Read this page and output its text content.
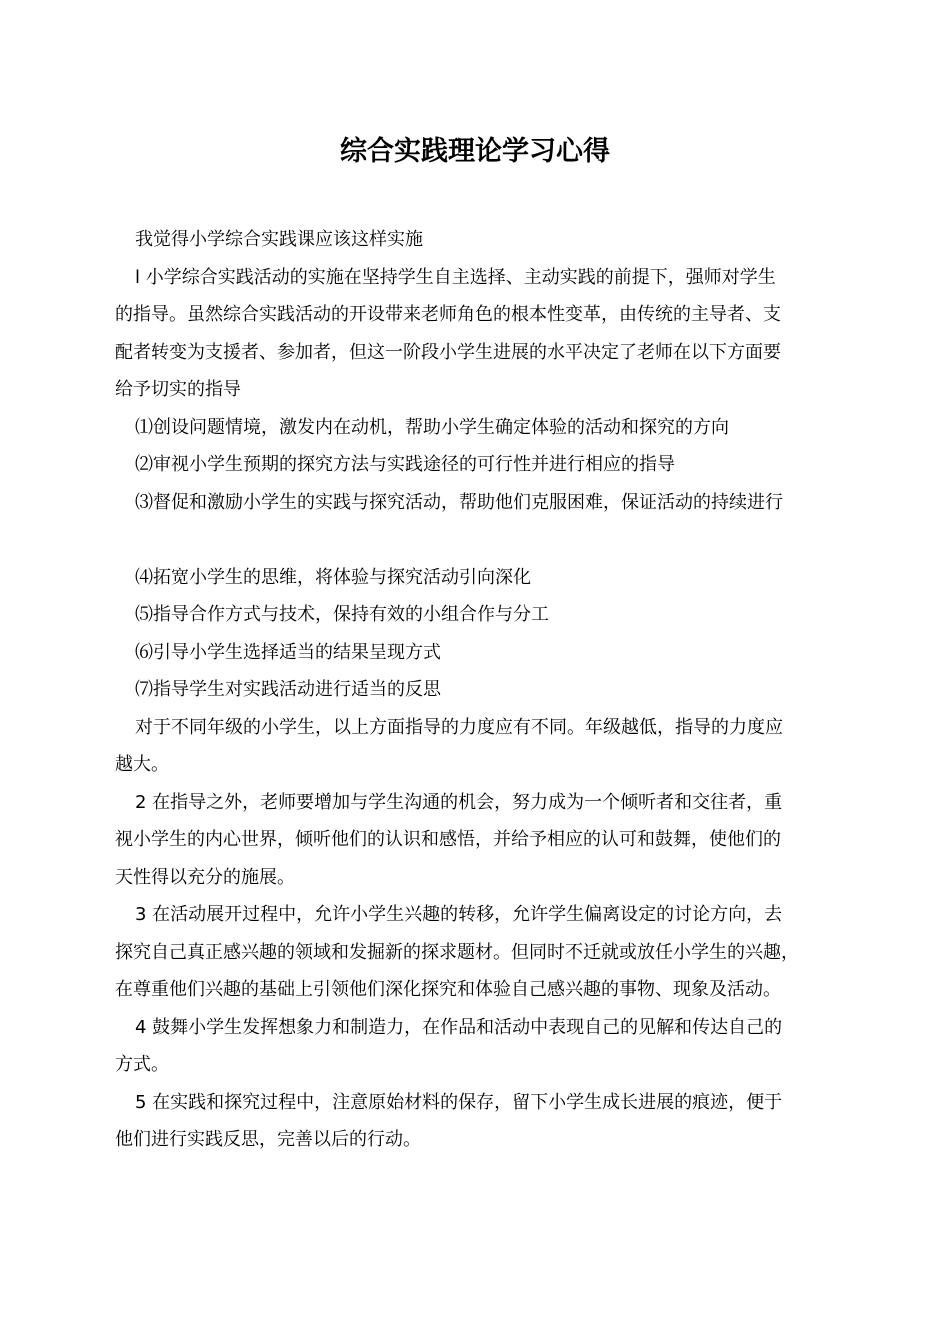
综合实践理论学习心得

我觉得小学综合实践课应该这样实施

l 小学综合实践活动的实施在坚持学生自主选择、主动实践的前提下，强师对学生

的指导。虽然综合实践活动的开设带来老师角色的根本性变革，由传统的主导者、支

配者转变为支援者、参加者，但这一阶段小学生进展的水平决定了老师在以下方面要

给予切实的指导

⑴创设问题情境，激发内在动机，帮助小学生确定体验的活动和探究的方向

⑵审视小学生预期的探究方法与实践途径的可行性并进行相应的指导

⑶督促和激励小学生的实践与探究活动，帮助他们克服困难，保证活动的持续进行

⑷拓宽小学生的思维，将体验与探究活动引向深化

⑸指导合作方式与技术，保持有效的小组合作与分工

⑹引导小学生选择适当的结果呈现方式

⑺指导学生对实践活动进行适当的反思

对于不同年级的小学生，以上方面指导的力度应有不同。年级越低，指导的力度应

越大。

2 在指导之外，老师要增加与学生沟通的机会，努力成为一个倾听者和交往者，重

视小学生的内心世界，倾听他们的认识和感悟，并给予相应的认可和鼓舞，使他们的

天性得以充分的施展。

3 在活动展开过程中，允许小学生兴趣的转移，允许学生偏离设定的讨论方向，去

探究自己真正感兴趣的领域和发掘新的探求题材。但同时不迁就或放任小学生的兴趣，

在尊重他们兴趣的基础上引领他们深化探究和体验自己感兴趣的事物、现象及活动。

4 鼓舞小学生发挥想象力和制造力，在作品和活动中表现自己的见解和传达自己的

方式。

5 在实践和探究过程中，注意原始材料的保存，留下小学生成长进展的痕迹，便于

他们进行实践反思，完善以后的行动。
